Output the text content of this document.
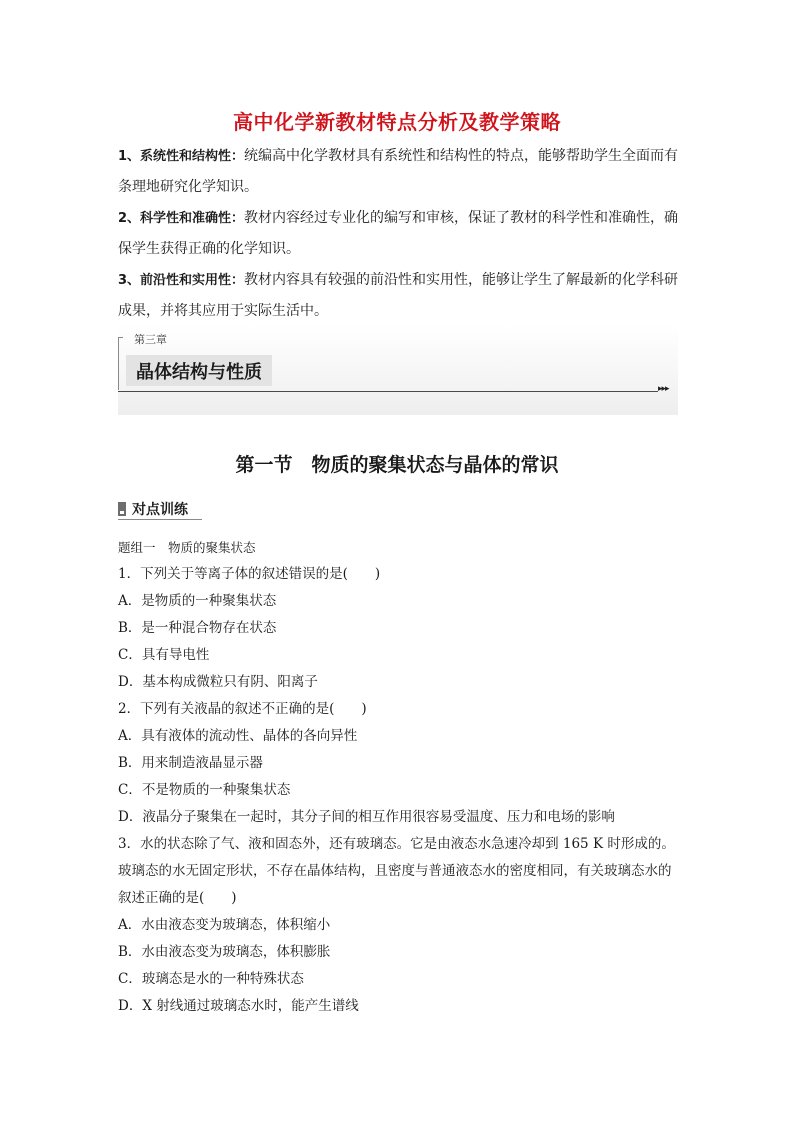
高中化学新教材特点分析及教学策略

1、系统性和结构性：统编高中化学教材具有系统性和结构性的特点，能够帮助学生全面而有条理地研究化学知识。

2、科学性和准确性：教材内容经过专业化的编写和审核，保证了教材的科学性和准确性，确保学生获得正确的化学知识。

3、前沿性和实用性：教材内容具有较强的前沿性和实用性，能够让学生了解最新的化学科研成果，并将其应用于实际生活中。

第三章
晶体结构与性质
▸▸▸
第一节　物质的聚集状态与晶体的常识
对点训练

题组一　物质的聚集状态

1．下列关于等离子体的叙述错误的是(　　)

A．是物质的一种聚集状态

B．是一种混合物存在状态

C．具有导电性

D．基本构成微粒只有阴、阳离子

2．下列有关液晶的叙述不正确的是(　　)

A．具有液体的流动性、晶体的各向异性

B．用来制造液晶显示器

C．不是物质的一种聚集状态

D．液晶分子聚集在一起时，其分子间的相互作用很容易受温度、压力和电场的影响

3．水的状态除了气、液和固态外，还有玻璃态。它是由液态水急速冷却到 165 K 时形成的。玻璃态的水无固定形状，不存在晶体结构，且密度与普通液态水的密度相同，有关玻璃态水的叙述正确的是(　　)

A．水由液态变为玻璃态，体积缩小

B．水由液态变为玻璃态，体积膨胀

C．玻璃态是水的一种特殊状态

D．X 射线通过玻璃态水时，能产生谱线
